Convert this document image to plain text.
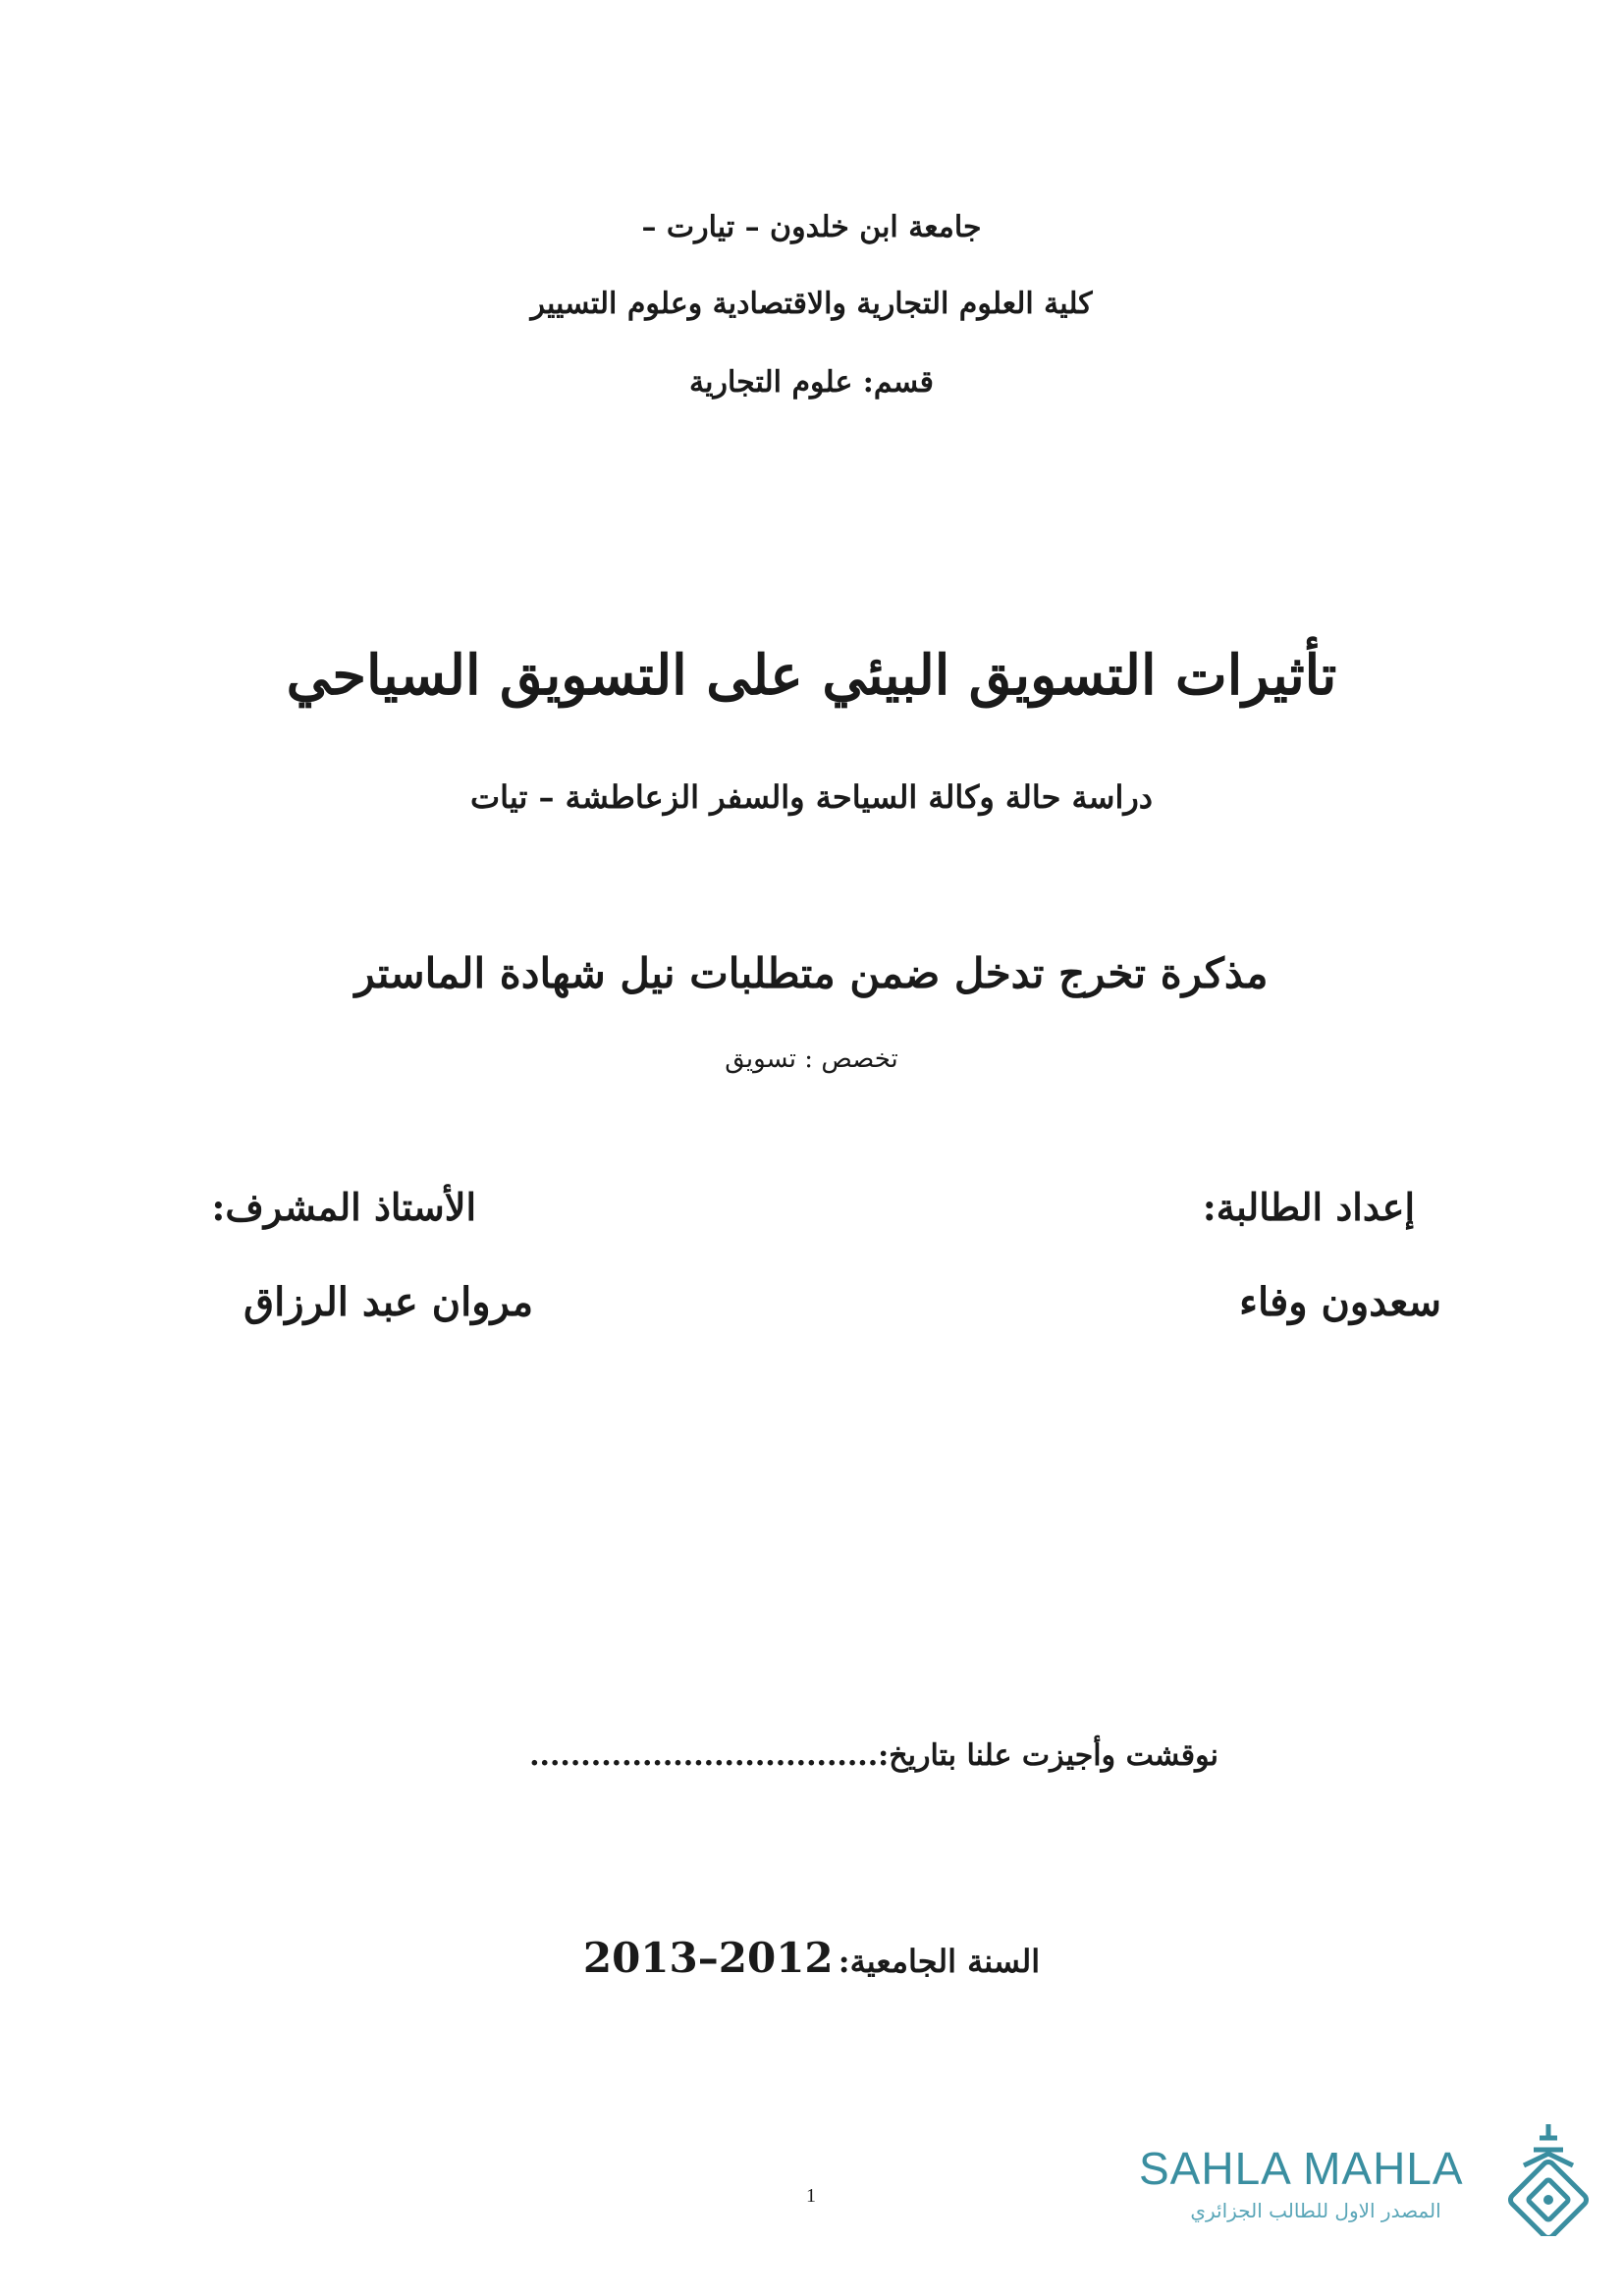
جامعة ابن خلدون – تيارت –
كلية العلوم التجارية والاقتصادية وعلوم التسيير
قسم: علوم التجارية
تأثيرات التسويق البيئي على التسويق السياحي
دراسة حالة وكالة السياحة والسفر الزعاطشة – تيات
مذكرة تخرج تدخل ضمن متطلبات نيل شهادة الماستر
تخصص : تسويق
إعداد الطالبة:
الأستاذ المشرف:
سعدون وفاء
مروان عبد الرزاق
نوقشت وأجيزت علنا بتاريخ:..................................
السنة الجامعية: 2013–2012
1
SAHLA MAHLA
المصدر الاول للطالب الجزائري
